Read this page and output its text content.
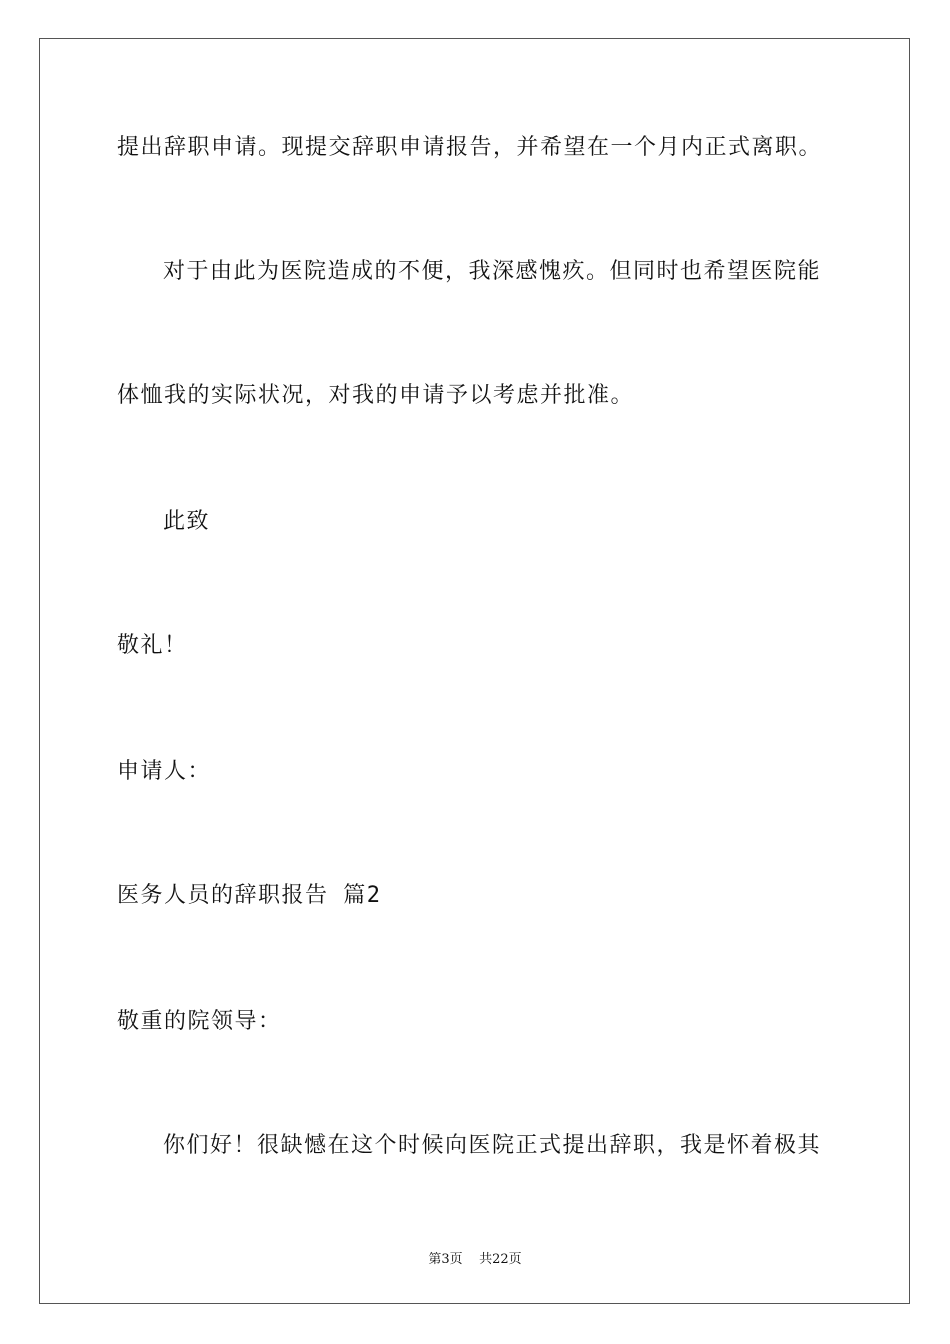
提出辞职申请。现提交辞职申请报告，并希望在一个月内正式离职。
对于由此为医院造成的不便，我深感愧疚。但同时也希望医院能
体恤我的实际状况，对我的申请予以考虑并批准。
此致
敬礼！
申请人：
医务人员的辞职报告 篇2
敬重的院领导：
你们好！很缺憾在这个时候向医院正式提出辞职，我是怀着极其
第3页 共22页
